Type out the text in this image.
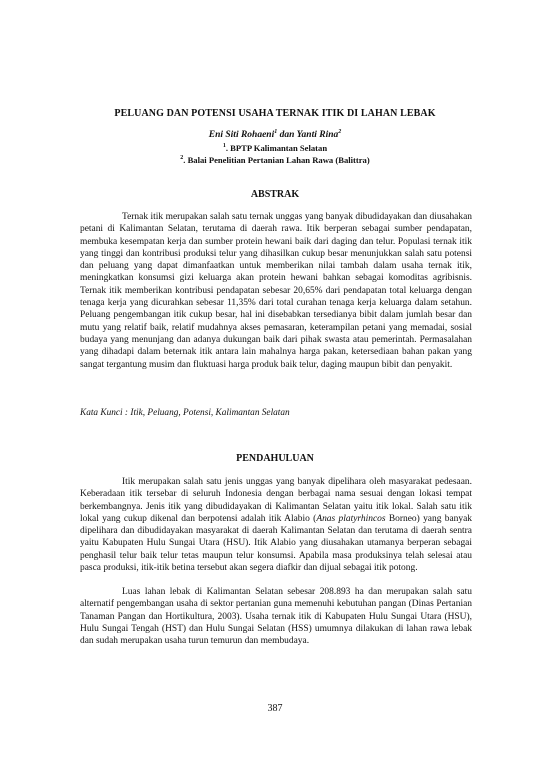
PELUANG DAN POTENSI USAHA TERNAK ITIK DI LAHAN LEBAK
Eni Siti Rohaeni$^1$ dan Yanti Rina$^2$
$^1$. BPTP Kalimantan Selatan
$^2$. Balai Penelitian Pertanian Lahan Rawa (Balittra)
ABSTRAK

Ternak itik merupakan salah satu ternak unggas yang banyak dibudidayakan dan diusahakan petani di Kalimantan Selatan, terutama di daerah rawa. Itik berperan sebagai sumber pendapatan, membuka kesempatan kerja dan sumber protein hewani baik dari daging dan telur. Populasi ternak itik yang tinggi dan kontribusi produksi telur yang dihasilkan cukup besar menunjukkan salah satu potensi dan peluang yang dapat dimanfaatkan untuk memberikan nilai tambah dalam usaha ternak itik, meningkatkan konsumsi gizi keluarga akan protein hewani bahkan sebagai komoditas agribisnis. Ternak itik memberikan kontribusi pendapatan sebesar 20,65% dari pendapatan total keluarga dengan tenaga kerja yang dicurahkan sebesar 11,35% dari total curahan tenaga kerja keluarga dalam setahun. Peluang pengembangan itik cukup besar, hal ini disebabkan tersedianya bibit dalam jumlah besar dan mutu yang relatif baik, relatif mudahnya akses pemasaran, keterampilan petani yang memadai, sosial budaya yang menunjang dan adanya dukungan baik dari pihak swasta atau pemerintah. Permasalahan yang dihadapi dalam beternak itik antara lain mahalnya harga pakan, ketersediaan bahan pakan yang sangat tergantung musim dan fluktuasi harga produk baik telur, daging maupun bibit dan penyakit.

Kata Kunci : Itik, Peluang, Potensi, Kalimantan Selatan

PENDAHULUAN

Itik merupakan salah satu jenis unggas yang banyak dipelihara oleh masyarakat pedesaan. Keberadaan itik tersebar di seluruh Indonesia dengan berbagai nama sesuai dengan lokasi tempat berkembangnya. Jenis itik yang dibudidayakan di Kalimantan Selatan yaitu itik lokal. Salah satu itik lokal yang cukup dikenal dan berpotensi adalah itik Alabio (Anas platyrhincos Borneo) yang banyak dipelihara dan dibudidayakan masyarakat di daerah Kalimantan Selatan dan terutama di daerah sentra yaitu Kabupaten Hulu Sungai Utara (HSU). Itik Alabio yang diusahakan utamanya berperan sebagai penghasil telur baik telur tetas maupun telur konsumsi. Apabila masa produksinya telah selesai atau pasca produksi, itik-itik betina tersebut akan segera diafkir dan dijual sebagai itik potong.

Luas lahan lebak di Kalimantan Selatan sebesar 208.893 ha dan merupakan salah satu alternatif pengembangan usaha di sektor pertanian guna memenuhi kebutuhan pangan (Dinas Pertanian Tanaman Pangan dan Hortikultura, 2003). Usaha ternak itik di Kabupaten Hulu Sungai Utara (HSU), Hulu Sungai Tengah (HST) dan Hulu Sungai Selatan (HSS) umumnya dilakukan di lahan rawa lebak dan sudah merupakan usaha turun temurun dan membudaya.

387
